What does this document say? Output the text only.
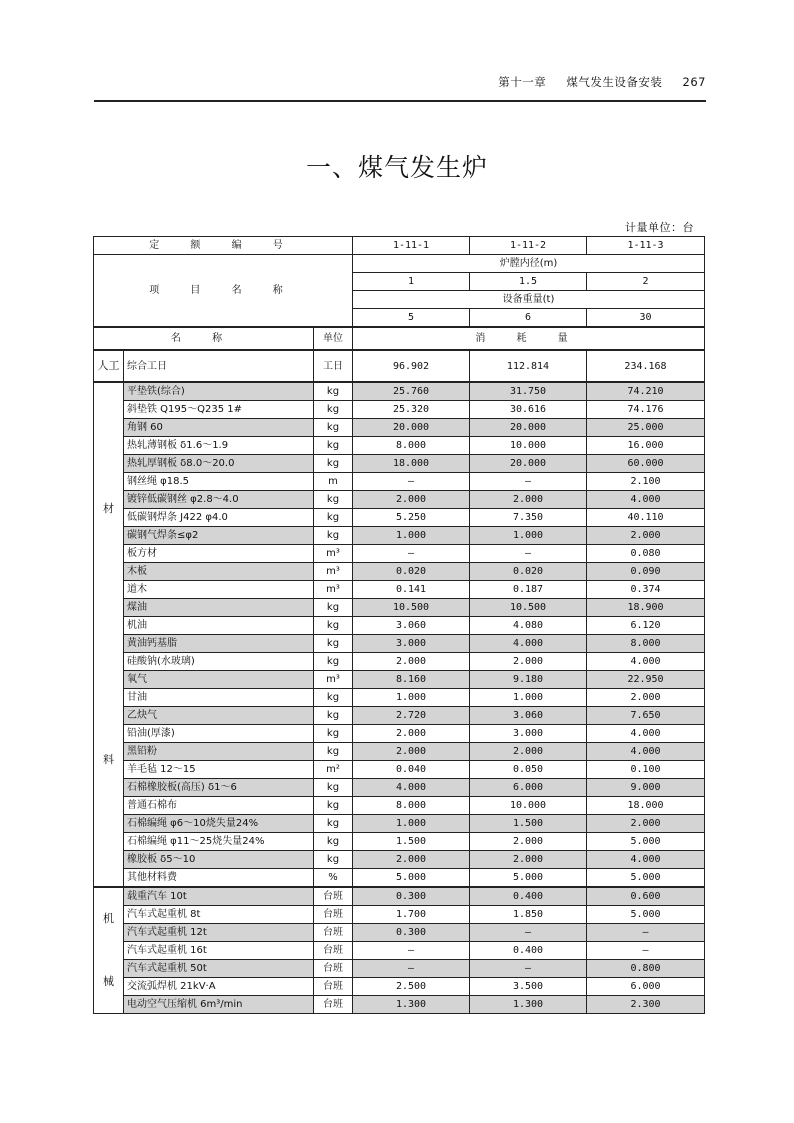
第十一章 煤气发生设备安装 267
一、煤气发生炉
计量单位：台
定 额 编 号			1-11-1	1-11-2	1-11-3
项 目 名 称			炉膛内径(m)		
			1	1.5	2
			设备重量(t)		
			5	6	30
名 称		单位	消 耗 量		
人工	综合工日	工日	96.902	112.814	234.168

材
料	平垫铁(综合)	kg	25.760	31.750	74.210
	斜垫铁 Q195～Q235 1#	kg	25.320	30.616	74.176
	角钢 60	kg	20.000	20.000	25.000
	热轧薄钢板 δ1.6～1.9	kg	8.000	10.000	16.000
	热轧厚钢板 δ8.0～20.0	kg	18.000	20.000	60.000
	钢丝绳 φ18.5	m	—	—	2.100
	镀锌低碳钢丝 φ2.8～4.0	kg	2.000	2.000	4.000
	低碳钢焊条 J422 φ4.0	kg	5.250	7.350	40.110
	碳钢气焊条≤φ2	kg	1.000	1.000	2.000
	板方材	m³	—	—	0.080
	木板	m³	0.020	0.020	0.090
	道木	m³	0.141	0.187	0.374
	煤油	kg	10.500	10.500	18.900
	机油	kg	3.060	4.080	6.120
	黄油钙基脂	kg	3.000	4.000	8.000
	硅酸钠(水玻璃)	kg	2.000	2.000	4.000
	氧气	m³	8.160	9.180	22.950
	甘油	kg	1.000	1.000	2.000
	乙炔气	kg	2.720	3.060	7.650
	铅油(厚漆)	kg	2.000	3.000	4.000
	黑铅粉	kg	2.000	2.000	4.000
	羊毛毡 12～15	m²	0.040	0.050	0.100
	石棉橡胶板(高压) δ1～6	kg	4.000	6.000	9.000
	普通石棉布	kg	8.000	10.000	18.000
	石棉编绳 φ6～10烧失量24%	kg	1.000	1.500	2.000
	石棉编绳 φ11～25烧失量24%	kg	1.500	2.000	5.000
	橡胶板 δ5～10	kg	2.000	2.000	4.000
	其他材料费	%	5.000	5.000	5.000

机
械	载重汽车 10t	台班	0.300	0.400	0.600
	汽车式起重机 8t	台班	1.700	1.850	5.000
	汽车式起重机 12t	台班	0.300	—	—
	汽车式起重机 16t	台班	—	0.400	—
	汽车式起重机 50t	台班	—	—	0.800
	交流弧焊机 21kV·A	台班	2.500	3.500	6.000
	电动空气压缩机 6m³/min	台班	1.300	1.300	2.300
